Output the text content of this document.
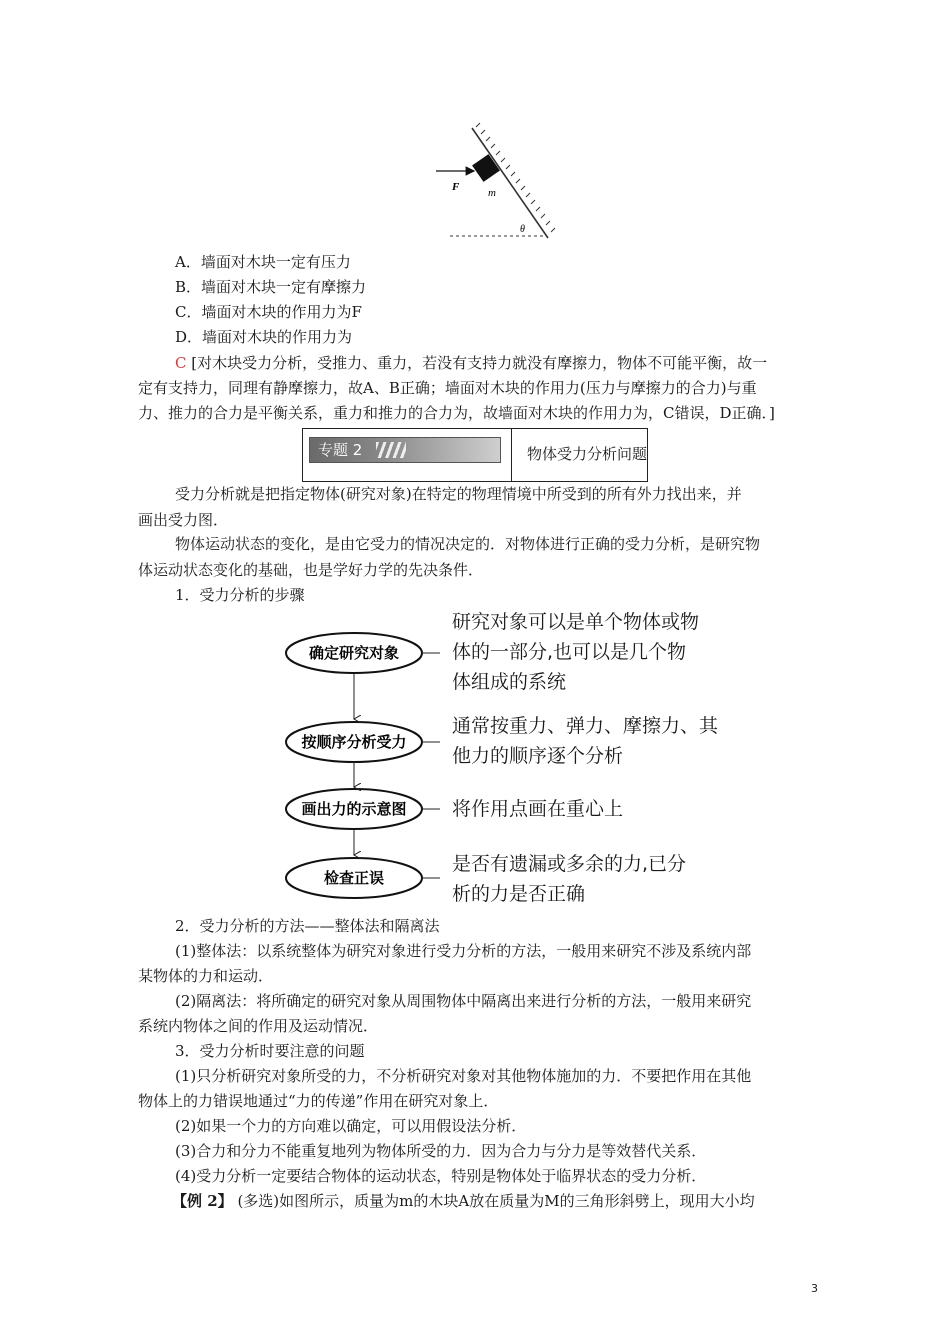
F	m
θ
A．墙面对木块一定有压力
B．墙面对木块一定有摩擦力
C．墙面对木块的作用力为F
D．墙面对木块的作用力为
C [对木块受力分析，受推力、重力，若没有支持力就没有摩擦力，物体不可能平衡，故一
定有支持力，同理有静摩擦力，故A、B正确；墙面对木块的作用力(压力与摩擦力的合力)与重
力、推力的合力是平衡关系，重力和推力的合力为，故墙面对木块的作用力为，C错误，D正确．]
专题 2	物体受力分析问题
受力分析就是把指定物体(研究对象)在特定的物理情境中所受到的所有外力找出来，并
画出受力图．
物体运动状态的变化，是由它受力的情况决定的．对物体进行正确的受力分析，是研究物
体运动状态变化的基础，也是学好力学的先决条件．
1．受力分析的步骤
确定研究对象
按顺序分析受力
画出力的示意图
检查正误
研究对象可以是单个物体或物
体的一部分,也可以是几个物
体组成的系统
通常按重力、弹力、摩擦力、其
他力的顺序逐个分析
将作用点画在重心上
是否有遗漏或多余的力,已分
析的力是否正确
2．受力分析的方法——整体法和隔离法
(1)整体法：以系统整体为研究对象进行受力分析的方法，一般用来研究不涉及系统内部
某物体的力和运动．
(2)隔离法：将所确定的研究对象从周围物体中隔离出来进行分析的方法，一般用来研究
系统内物体之间的作用及运动情况．
3．受力分析时要注意的问题
(1)只分析研究对象所受的力，不分析研究对象对其他物体施加的力．不要把作用在其他
物体上的力错误地通过“力的传递”作用在研究对象上．
(2)如果一个力的方向难以确定，可以用假设法分析．
(3)合力和分力不能重复地列为物体所受的力．因为合力与分力是等效替代关系．
(4)受力分析一定要结合物体的运动状态，特别是物体处于临界状态的受力分析．
【例 2】 (多选)如图所示，质量为m的木块A放在质量为M的三角形斜劈上，现用大小均
3
